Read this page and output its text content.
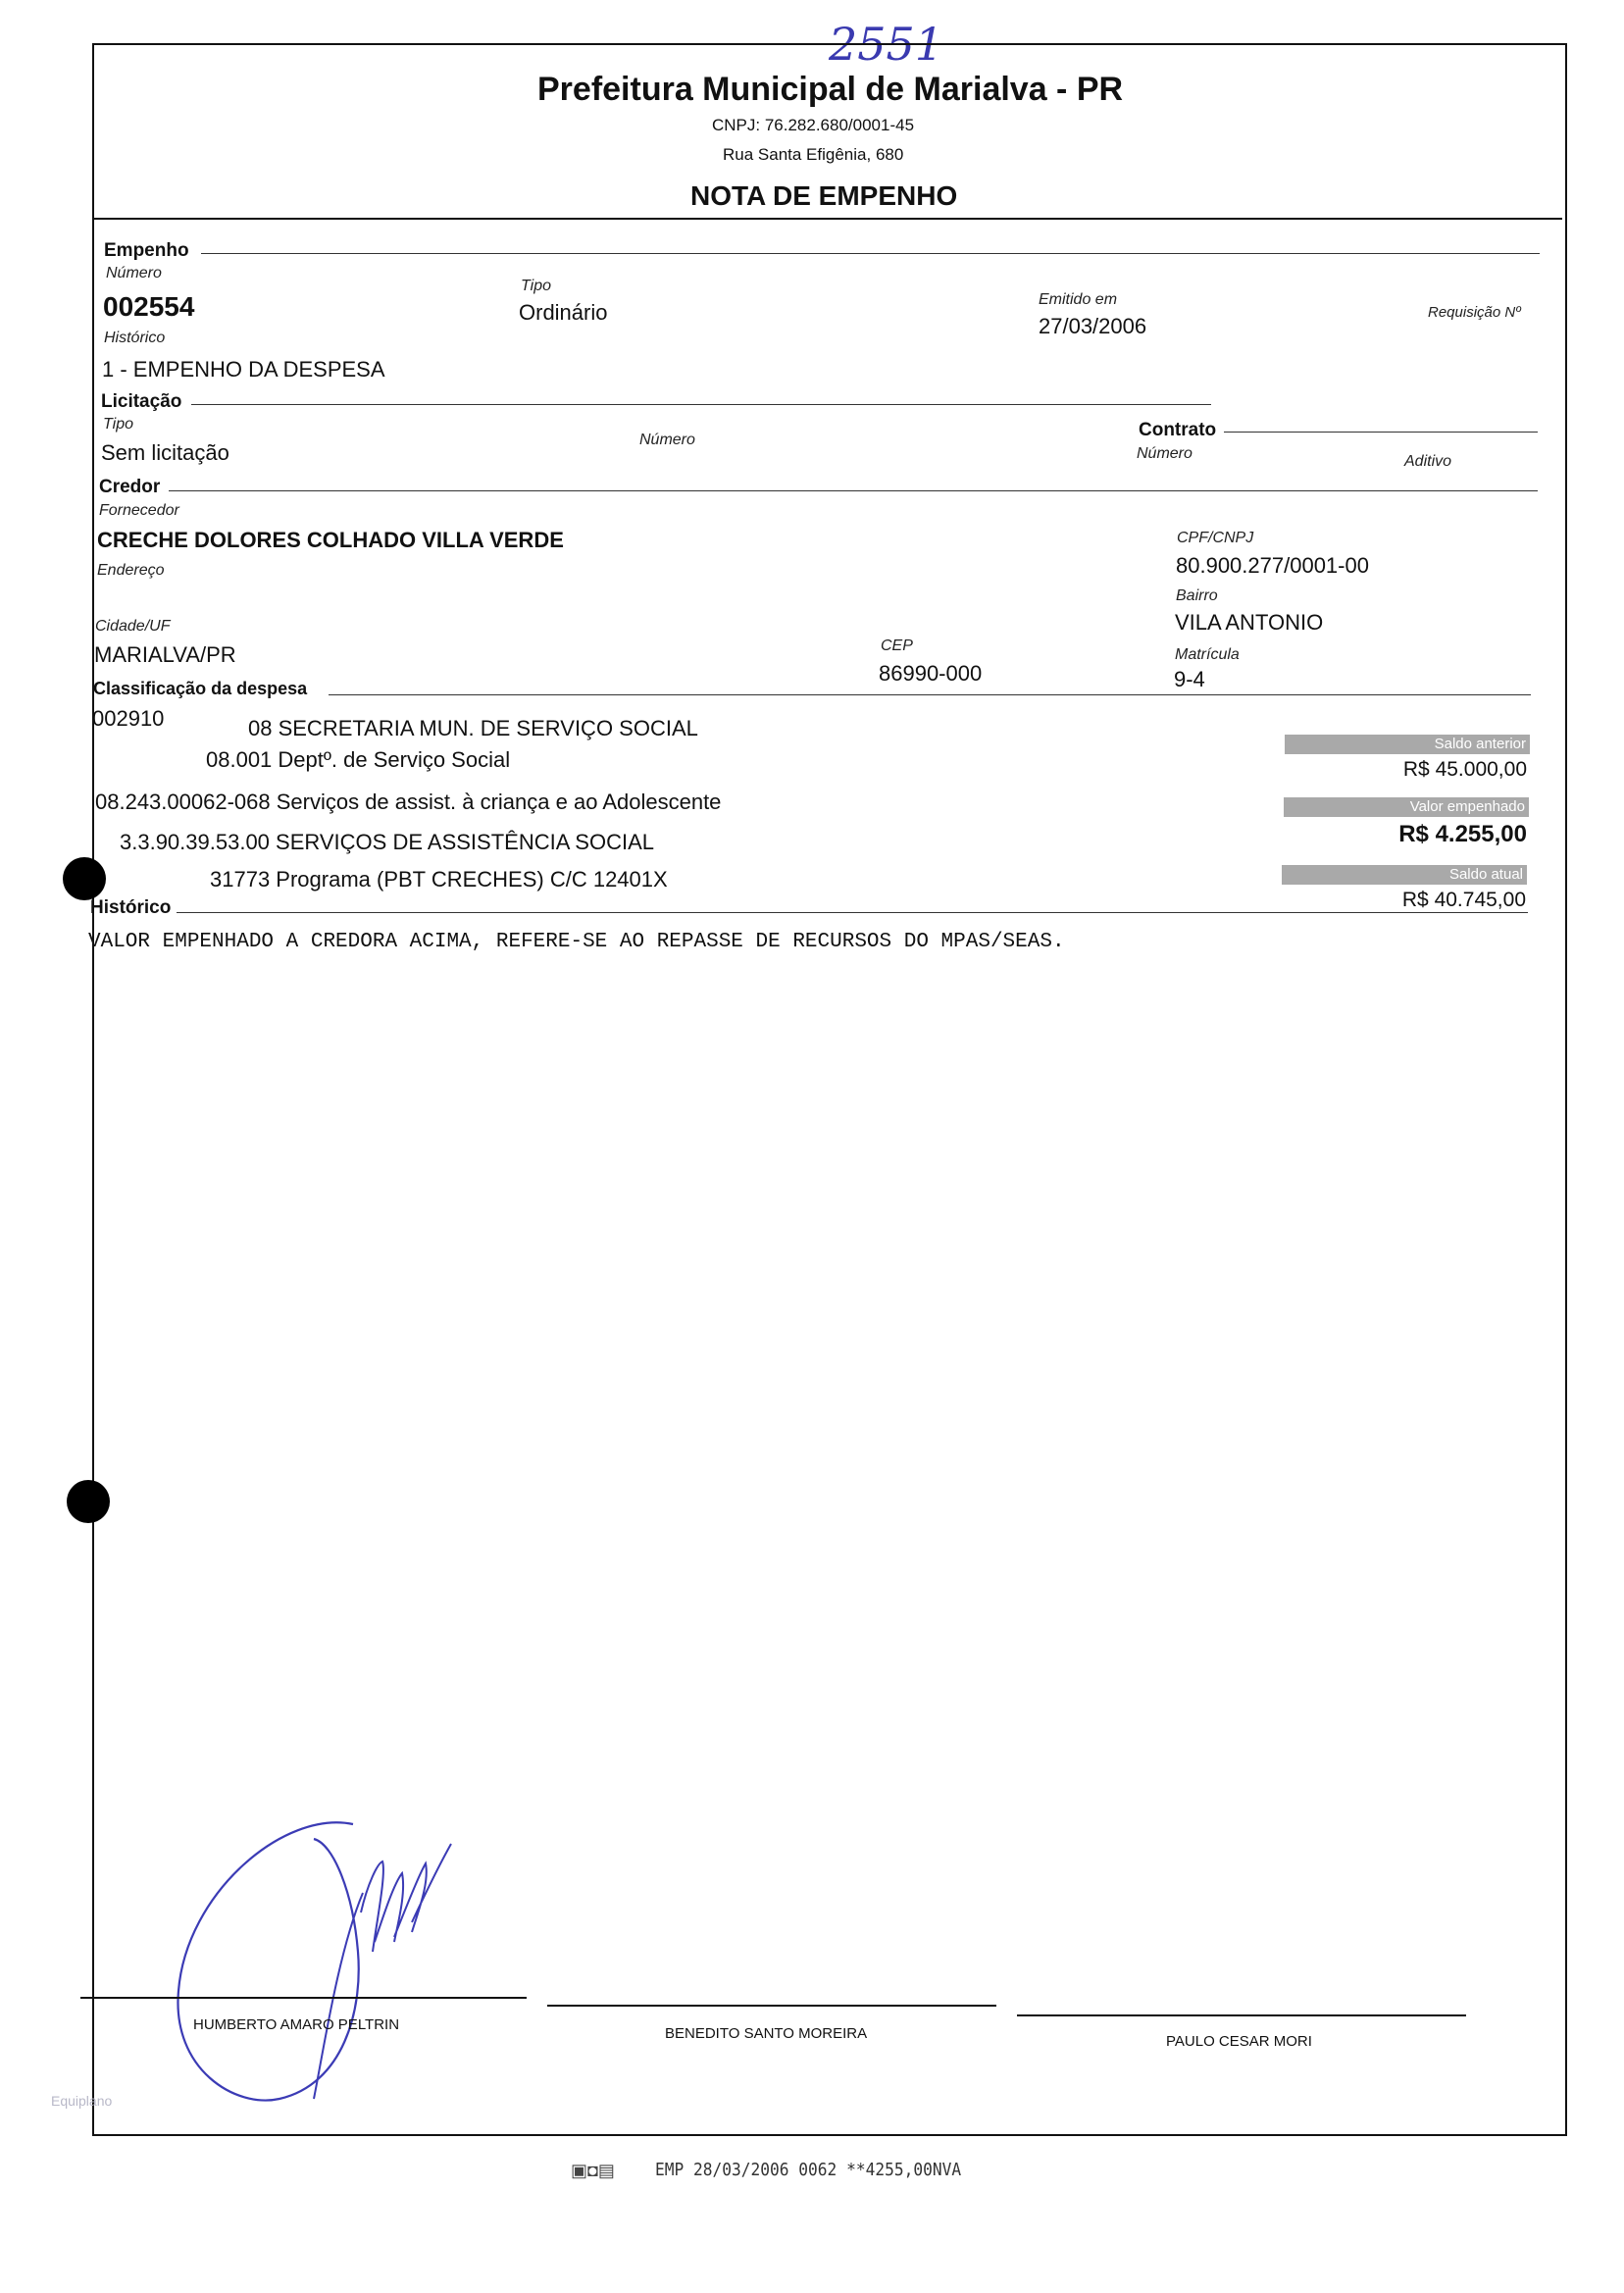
2551
Prefeitura Municipal de Marialva - PR
CNPJ: 76.282.680/0001-45
Rua Santa Efigênia, 680
NOTA DE EMPENHO
Empenho
Número
002554
Tipo
Ordinário
Emitido em
27/03/2006
Requisição Nº
Histórico
1 - EMPENHO DA DESPESA
Licitação
Tipo
Sem licitação
Número	Contrato
Número	Aditivo
Credor
Fornecedor
CRECHE DOLORES COLHADO VILLA VERDE
Endereço
CPF/CNPJ
80.900.277/0001-00
Bairro
VILA ANTONIO
Cidade/UF
MARIALVA/PR	CEP
86990-000
Matrícula
9-4
Classificação da despesa
002910	08 SECRETARIA MUN. DE SERVIÇO SOCIAL
08.001 Deptº. de Serviço Social
08.243.00062-068 Serviços de assist. à criança e ao Adolescente
3.3.90.39.53.00 SERVIÇOS DE ASSISTÊNCIA SOCIAL
31773 Programa (PBT CRECHES) C/C 12401X
Saldo anterior
R$ 45.000,00
Valor empenhado
R$ 4.255,00
Saldo atual
R$ 40.745,00
Histórico
VALOR EMPENHADO A CREDORA ACIMA, REFERE-SE AO REPASSE DE RECURSOS DO MPAS/SEAS.
HUMBERTO AMARO PELTRIN
BENEDITO SANTO MOREIRA	PAULO CESAR MORI
Equiplano
▣◘▤ EMP 28/03/2006 0062 **4255,00NVA
